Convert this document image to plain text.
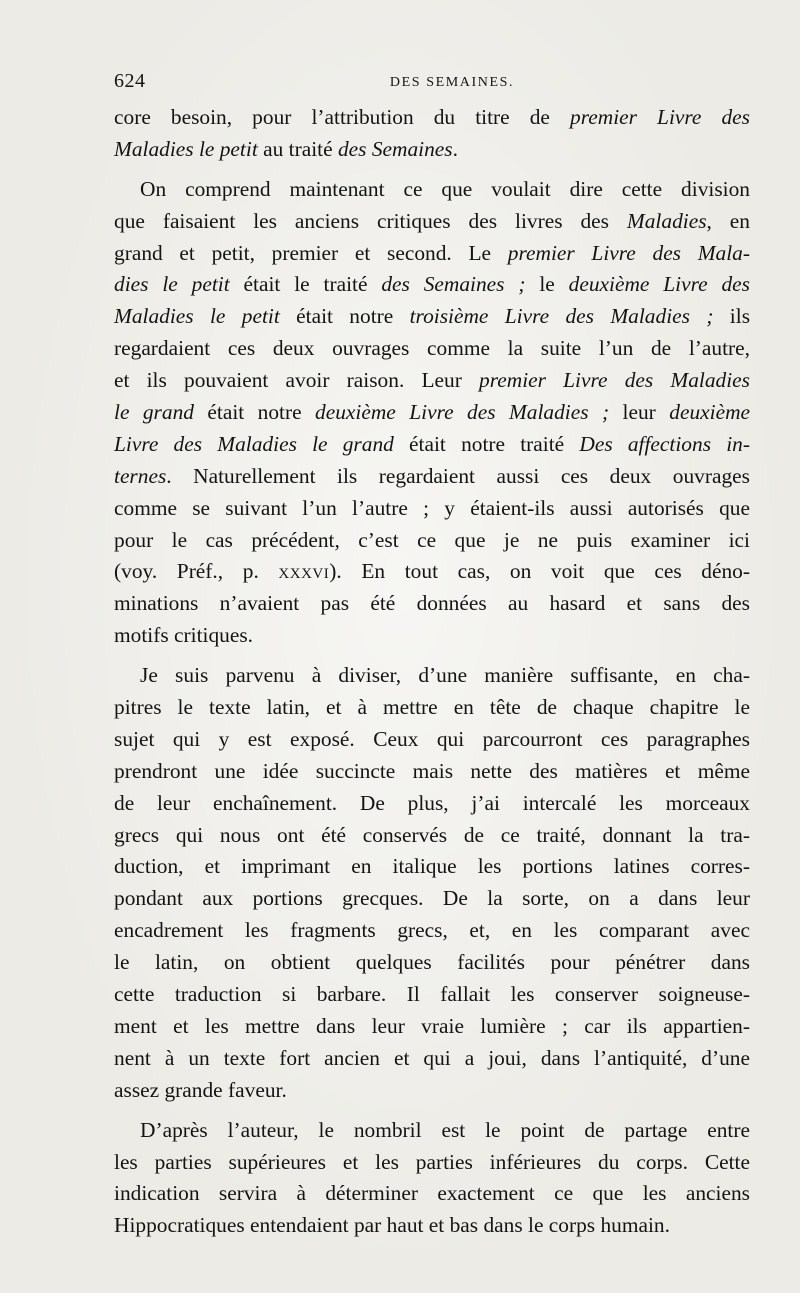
624	DES SEMAINES.
core besoin, pour l’attribution du titre de premier Livre des
Maladies le petit au traité des Semaines.
On comprend maintenant ce que voulait dire cette division
que faisaient les anciens critiques des livres des Maladies, en
grand et petit, premier et second. Le premier Livre des Mala-
dies le petit était le traité des Semaines ; le deuxième Livre des
Maladies le petit était notre troisième Livre des Maladies ; ils
regardaient ces deux ouvrages comme la suite l’un de l’autre,
et ils pouvaient avoir raison. Leur premier Livre des Maladies
le grand était notre deuxième Livre des Maladies ; leur deuxième
Livre des Maladies le grand était notre traité Des affections in-
ternes. Naturellement ils regardaient aussi ces deux ouvrages
comme se suivant l’un l’autre ; y étaient-ils aussi autorisés que
pour le cas précédent, c’est ce que je ne puis examiner ici
(voy. Préf., p. xxxvi). En tout cas, on voit que ces déno-
minations n’avaient pas été données au hasard et sans des
motifs critiques.
Je suis parvenu à diviser, d’une manière suffisante, en cha-
pitres le texte latin, et à mettre en tête de chaque chapitre le
sujet qui y est exposé. Ceux qui parcourront ces paragraphes
prendront une idée succincte mais nette des matières et même
de leur enchaînement. De plus, j’ai intercalé les morceaux
grecs qui nous ont été conservés de ce traité, donnant la tra-
duction, et imprimant en italique les portions latines corres-
pondant aux portions grecques. De la sorte, on a dans leur
encadrement les fragments grecs, et, en les comparant avec
le latin, on obtient quelques facilités pour pénétrer dans
cette traduction si barbare. Il fallait les conserver soigneuse-
ment et les mettre dans leur vraie lumière ; car ils appartien-
nent à un texte fort ancien et qui a joui, dans l’antiquité, d’une
assez grande faveur.
D’après l’auteur, le nombril est le point de partage entre
les parties supérieures et les parties inférieures du corps. Cette
indication servira à déterminer exactement ce que les anciens
Hippocratiques entendaient par haut et bas dans le corps humain.
